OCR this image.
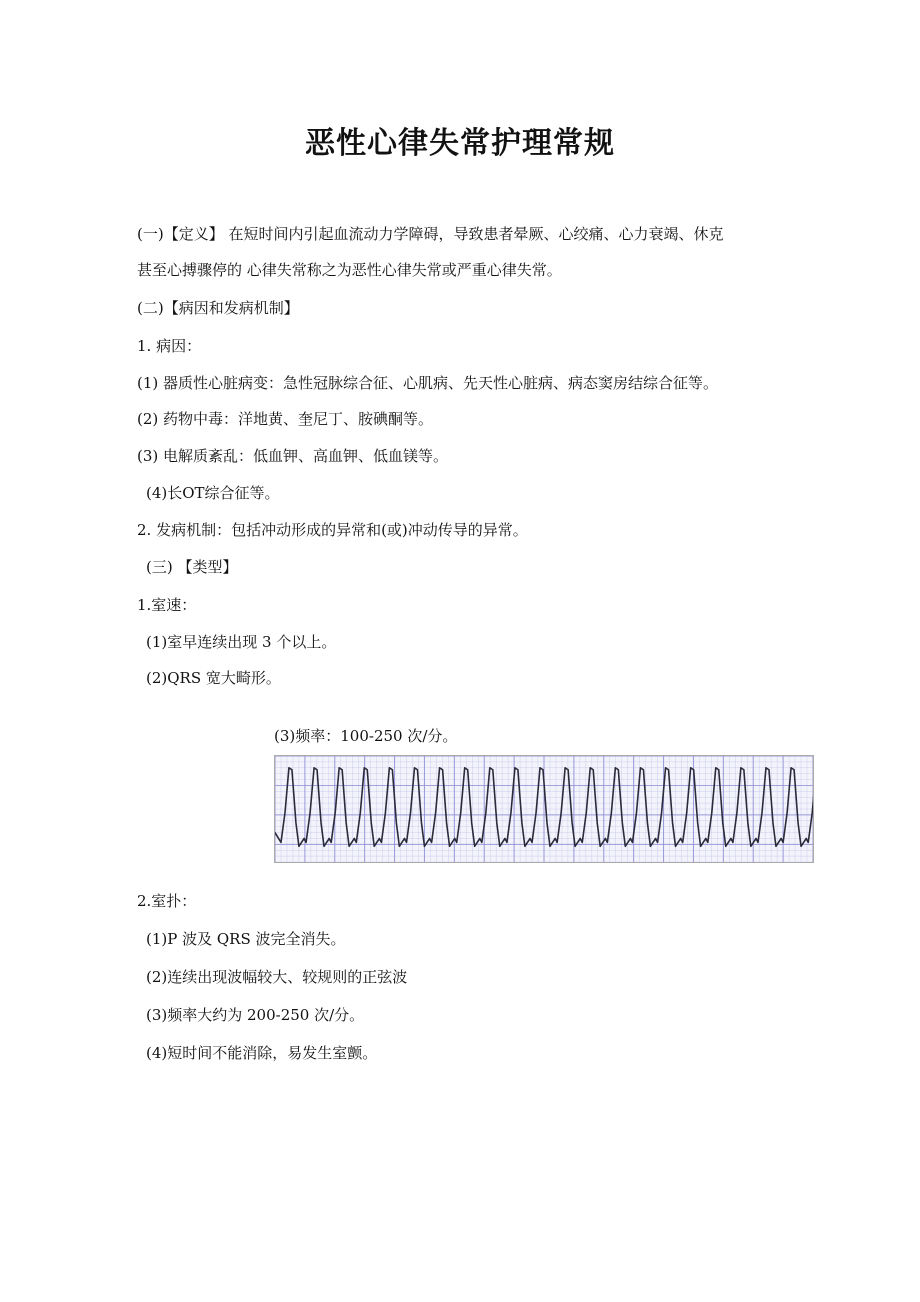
恶性心律失常护理常规

(一)【定义】 在短时间内引起血流动力学障碍，导致患者晕厥、心绞痛、心力衰竭、休克

甚至心搏骤停的 心律失常称之为恶性心律失常或严重心律失常。

(二)【病因和发病机制】

1. 病因：

(1) 器质性心脏病变：急性冠脉综合征、心肌病、先天性心脏病、病态窦房结综合征等。

(2) 药物中毒：洋地黄、奎尼丁、胺碘酮等。

(3) 电解质紊乱：低血钾、高血钾、低血镁等。

(4)长OT综合征等。

2. 发病机制：包括冲动形成的异常和(或)冲动传导的异常。

(三) 【类型】

1.室速：

(1)室早连续出现 3 个以上。

(2)QRS 宽大畸形。

(3)频率：100-250 次/分。

2.室扑：

(1)P 波及 QRS 波完全消失。

(2)连续出现波幅较大、较规则的正弦波

(3)频率大约为 200-250 次/分。

(4)短时间不能消除，易发生室颤。
